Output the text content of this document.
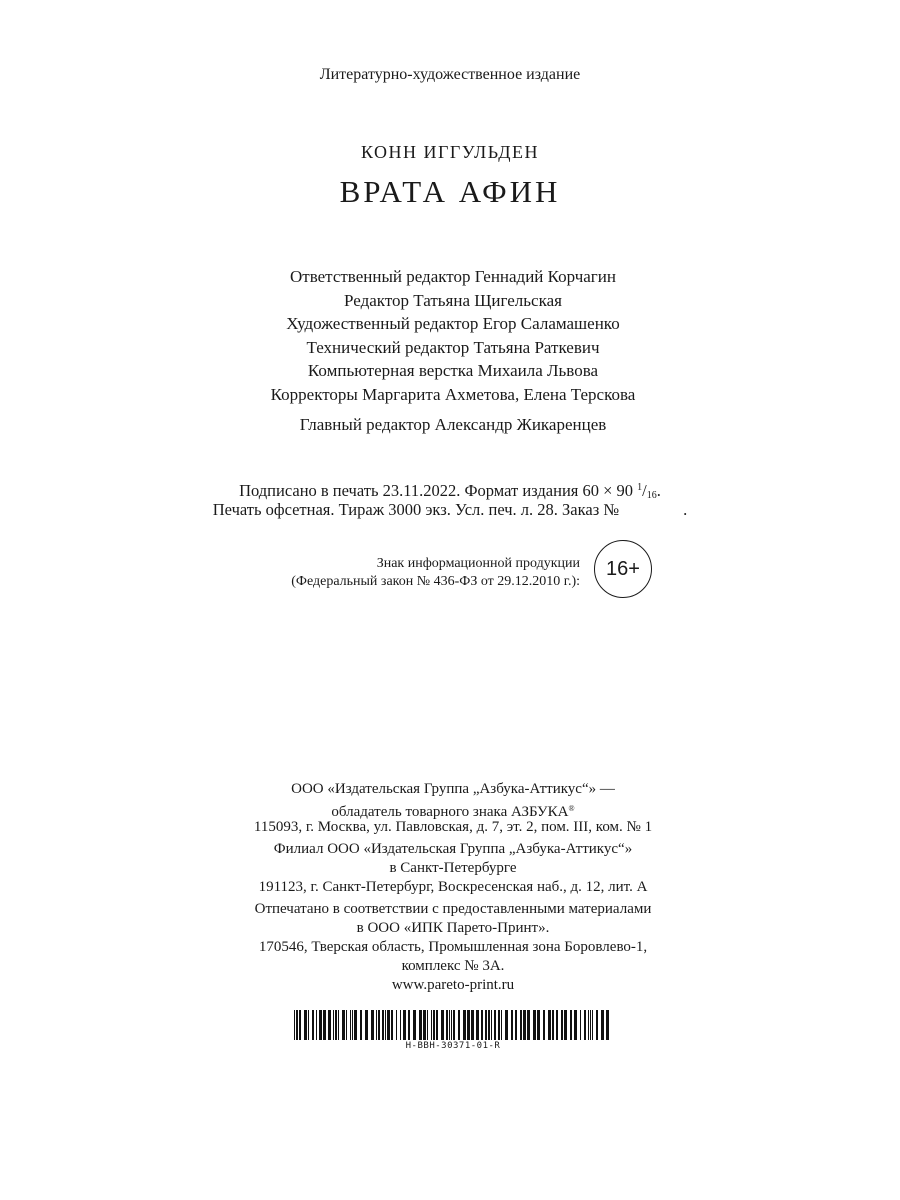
Литературно-художественное издание
КОНН ИГГУЛЬДЕН
ВРАТА АФИН
Ответственный редактор Геннадий Корчагин
Редактор Татьяна Щигельская
Художественный редактор Егор Саламашенко
Технический редактор Татьяна Раткевич
Компьютерная верстка Михаила Львова
Корректоры Маргарита Ахметова, Елена Терскова
Главный редактор Александр Жикаренцев
Подписано в печать 23.11.2022. Формат издания 60 × 90 $^1/_{16}$.
Печать офсетная. Тираж 3000 экз. Усл. печ. л. 28. Заказ №	.
Знак информационной продукции
(Федеральный закон № 436-ФЗ от 29.12.2010 г.):
16+
ООО «Издательская Группа „Азбука-Аттикус“» —
обладатель товарного знака АЗБУКА®
115093, г. Москва, ул. Павловская, д. 7, эт. 2, пом. III, ком. № 1
Филиал ООО «Издательская Группа „Азбука-Аттикус“»
в Санкт-Петербурге
191123, г. Санкт-Петербург, Воскресенская наб., д. 12, лит. А
Отпечатано в соответствии с предоставленными материалами
в ООО «ИПК Парето-Принт».
170546, Тверская область, Промышленная зона Боровлево-1,
комплекс № 3А.
www.pareto-print.ru
H-BBH-30371-01-R
